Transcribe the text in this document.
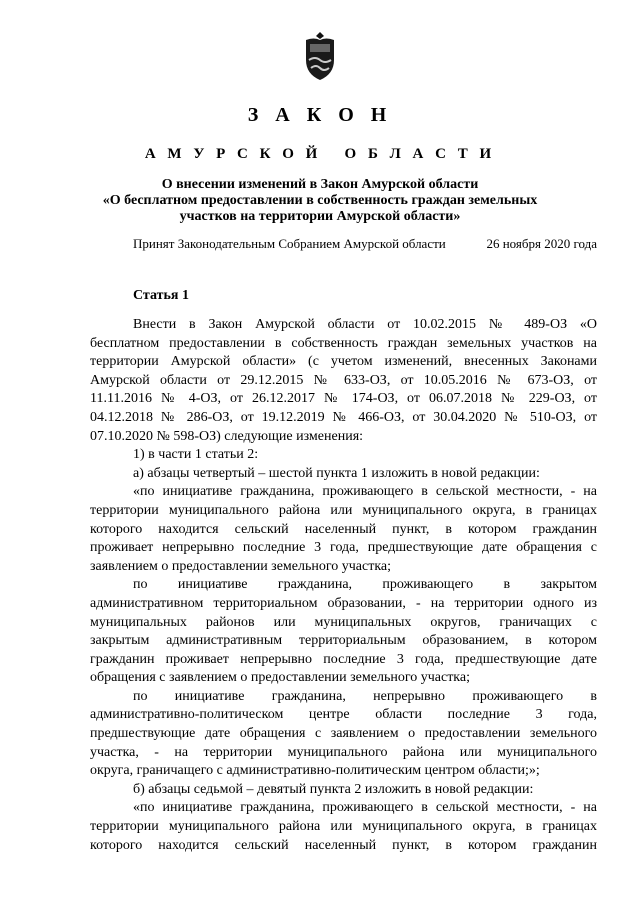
З А К О Н
А М У Р С К О Й   О Б Л А С Т И
О внесении изменений в Закон Амурской области
«О бесплатном предоставлении в собственность граждан земельных
участков на территории Амурской области»
Принят Законодательным Собранием Амурской области	26 ноября 2020 года
Статья 1

Внести в Закон Амурской области от 10.02.2015 № 489-ОЗ «О

бесплатном предоставлении в собственность граждан земельных участков на

территории Амурской области» (с учетом изменений, внесенных Законами

Амурской области от 29.12.2015 № 633-ОЗ, от 10.05.2016 № 673-ОЗ, от

11.11.2016 № 4-ОЗ, от 26.12.2017 № 174-ОЗ, от 06.07.2018 № 229-ОЗ, от

04.12.2018 № 286-ОЗ, от 19.12.2019 № 466-ОЗ, от 30.04.2020 № 510-ОЗ, от

07.10.2020 № 598-ОЗ) следующие изменения:

1) в части 1 статьи 2:

а) абзацы четвертый – шестой пункта 1 изложить в новой редакции:

«по инициативе гражданина, проживающего в сельской местности, - на

территории муниципального района или муниципального округа, в границах

которого находится сельский населенный пункт, в котором гражданин

проживает непрерывно последние 3 года, предшествующие дате обращения с

заявлением о предоставлении земельного участка;

по инициативе гражданина, проживающего в закрытом

административном территориальном образовании, - на территории одного из

муниципальных районов или муниципальных округов, граничащих с

закрытым административным территориальным образованием, в котором

гражданин проживает непрерывно последние 3 года, предшествующие дате

обращения с заявлением о предоставлении земельного участка;

по инициативе гражданина, непрерывно проживающего в

административно-политическом центре области последние 3 года,

предшествующие дате обращения с заявлением о предоставлении земельного

участка, - на территории муниципального района или муниципального

округа, граничащего с административно-политическим центром области;»;

б) абзацы седьмой – девятый пункта 2 изложить в новой редакции:

«по инициативе гражданина, проживающего в сельской местности, - на

территории муниципального района или муниципального округа, в границах

которого находится сельский населенный пункт, в котором гражданин
